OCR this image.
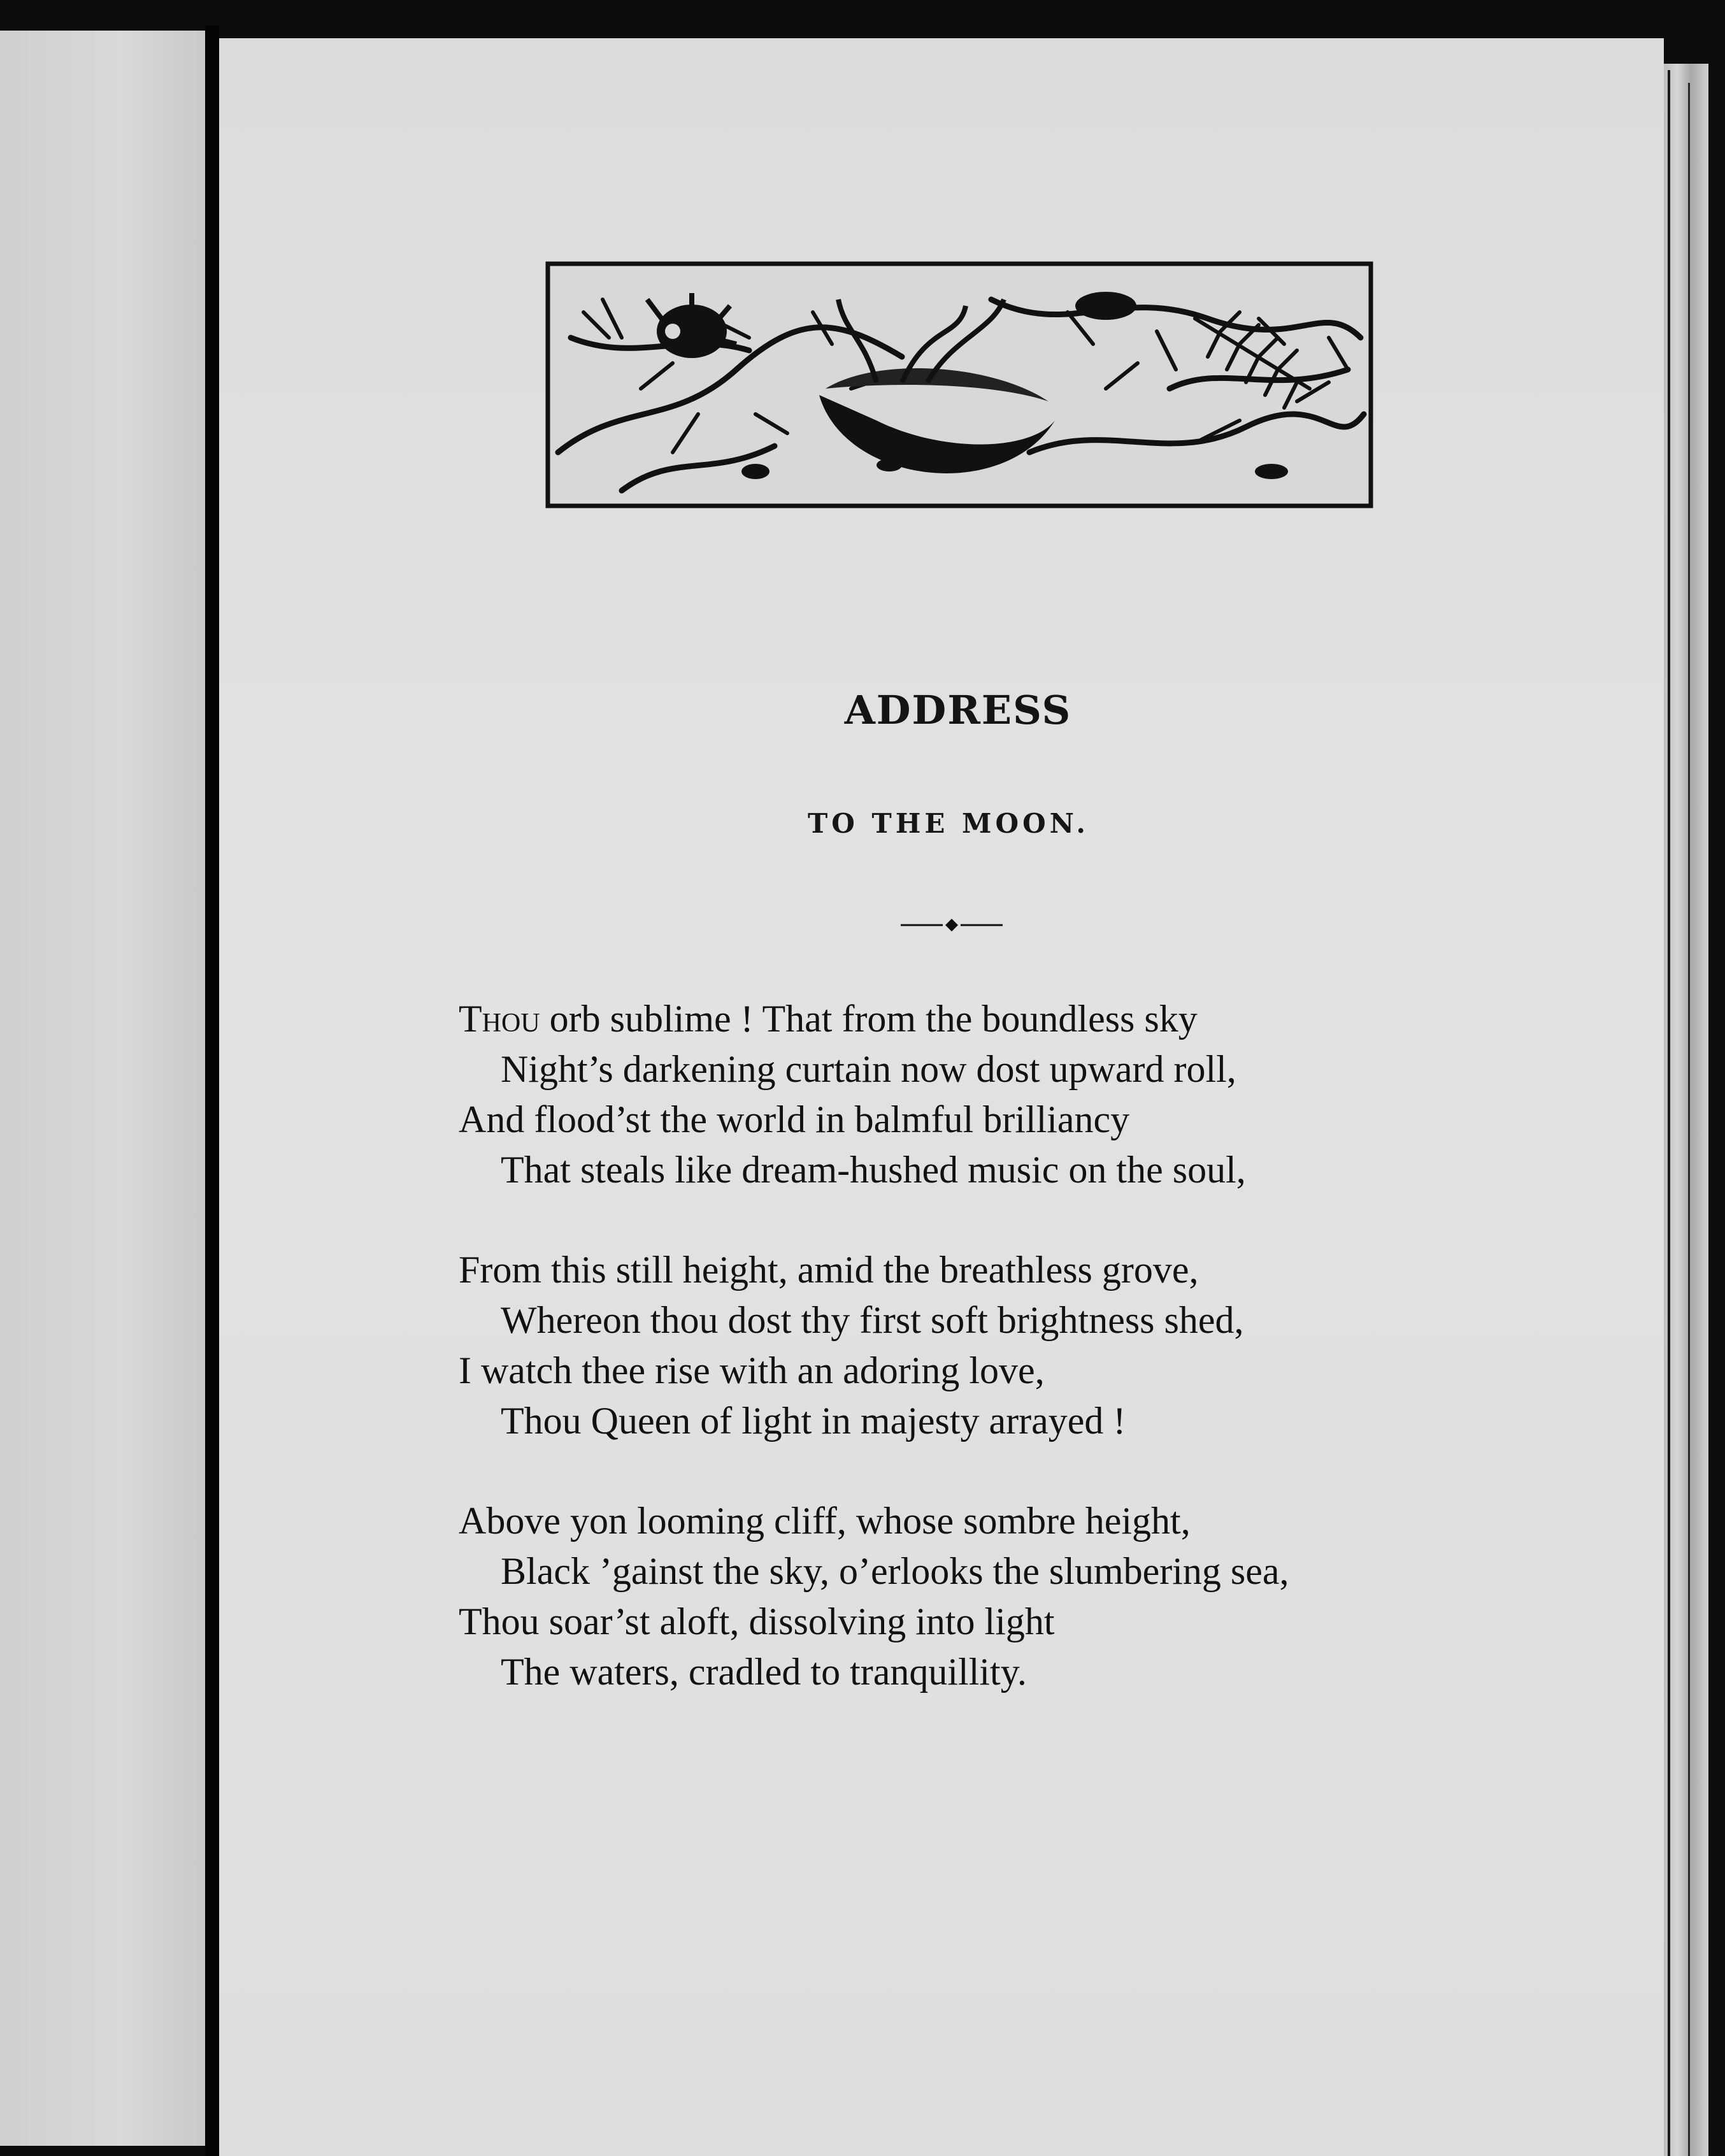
ADDRESS
TO THE MOON.
Thou orb sublime ! That from the boundless sky
Night’s darkening curtain now dost upward roll,
And flood’st the world in balmful brilliancy
That steals like dream-hushed music on the soul,
From this still height, amid the breathless grove,
Whereon thou dost thy first soft brightness shed,
I watch thee rise with an adoring love,
Thou Queen of light in majesty arrayed !
Above yon looming cliff, whose sombre height,
Black ’gainst the sky, o’erlooks the slumbering sea,
Thou soar’st aloft, dissolving into light
The waters, cradled to tranquillity.
